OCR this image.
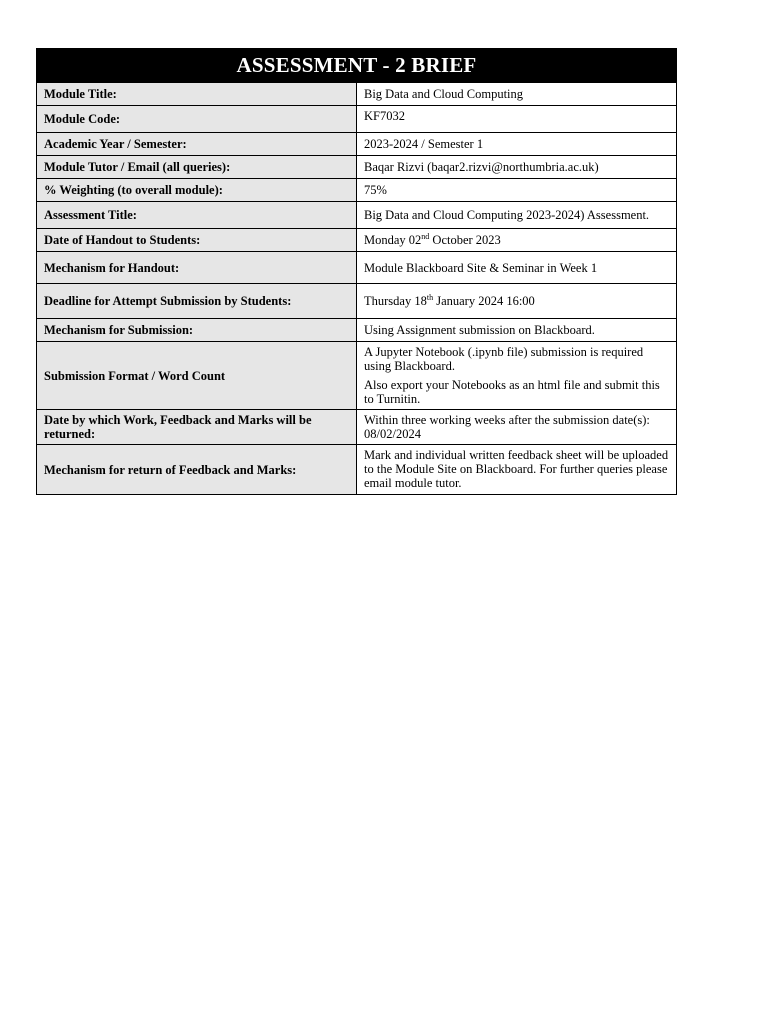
ASSESSMENT - 2 BRIEF	
Module Title:	Big Data and Cloud Computing
Module Code:	KF7032
Academic Year / Semester:	2023-2024 / Semester 1
Module Tutor / Email (all queries):	Baqar Rizvi (baqar2.rizvi@northumbria.ac.uk)
% Weighting (to overall module):	75%
Assessment Title:	Big Data and Cloud Computing 2023-2024) Assessment.
Date of Handout to Students:	Monday 02nd October 2023
Mechanism for Handout:	Module Blackboard Site & Seminar in Week 1
Deadline for Attempt Submission by Students:	Thursday 18th January 2024 16:00
Mechanism for Submission:	Using Assignment submission on Blackboard.
Submission Format / Word Count	A Jupyter Notebook (.ipynb file) submission is required using Blackboard.

Also export your Notebooks as an html file and submit this to Turnitin.

Date by which Work, Feedback and Marks will be returned:	Within three working weeks after the submission date(s): 08/02/2024
Mechanism for return of Feedback and Marks:	Mark and individual written feedback sheet will be uploaded to the Module Site on Blackboard. For further queries please email module tutor.
